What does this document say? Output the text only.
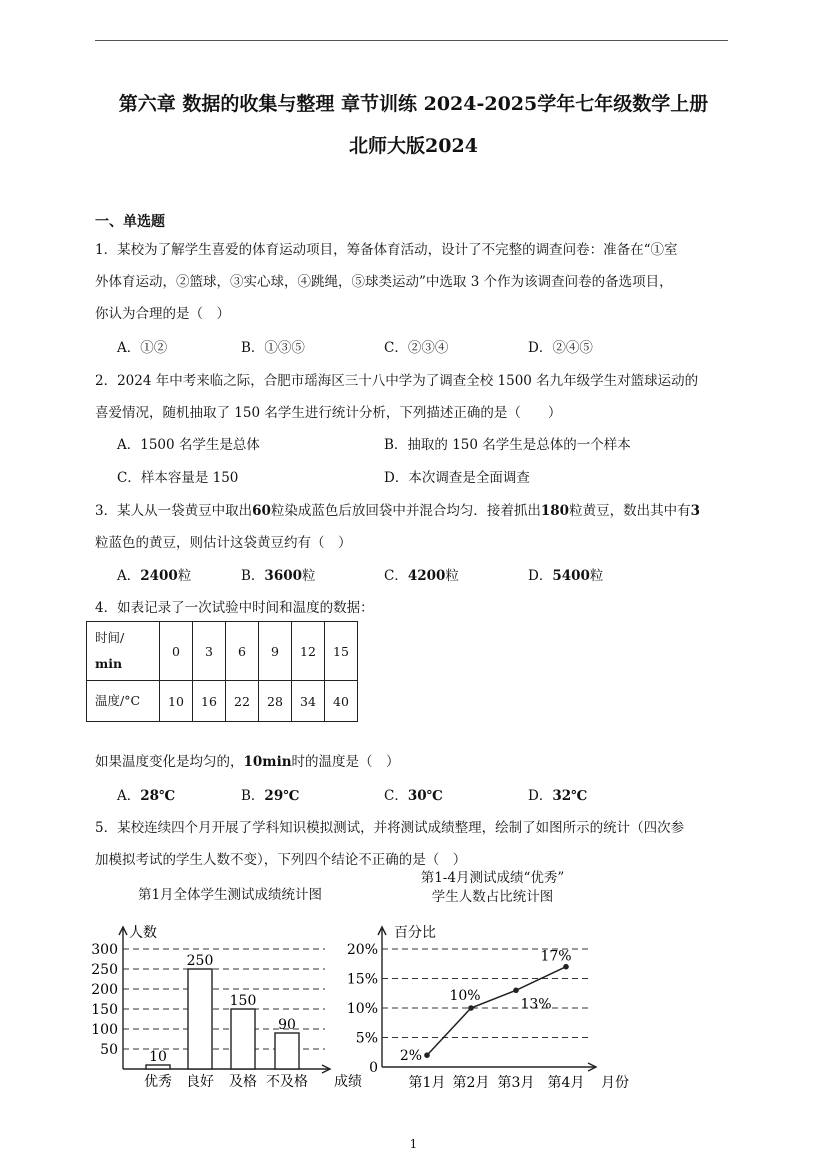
第六章 数据的收集与整理 章节训练 2024-2025学年七年级数学上册
北师大版2024
一、单选题
1．某校为了解学生喜爱的体育运动项目，筹备体育活动，设计了不完整的调查问卷：准备在“①室
外体育运动，②篮球，③实心球，④跳绳，⑤球类运动”中选取 3 个作为该调查问卷的备选项目，
你认为合理的是（　）
A．①②	B．①③⑤	C．②③④	D．②④⑤
2．2024 年中考来临之际，合肥市瑶海区三十八中学为了调查全校 1500 名九年级学生对篮球运动的
喜爱情况，随机抽取了 150 名学生进行统计分析，下列描述正确的是（　　）
A．1500 名学生是总体	B．抽取的 150 名学生是总体的一个样本
C．样本容量是 150	D．本次调查是全面调查
3．某人从一袋黄豆中取出60粒染成蓝色后放回袋中并混合均匀．接着抓出180粒黄豆，数出其中有3
粒蓝色的黄豆，则估计这袋黄豆约有（　）
A．2400粒	B．3600粒	C．4200粒	D．5400粒
4．如表记录了一次试验中时间和温度的数据：
时间/
min	0	3	6	9	12	15
温度/°C	10	16	22	28	34	40
如果温度变化是均匀的，10min时的温度是（　）
A．28℃	B．29℃	C．30℃	D．32℃
5．某校连续四个月开展了学科知识模拟测试，并将测试成绩整理，绘制了如图所示的统计（四次参
加模拟考试的学生人数不变），下列四个结论不正确的是（　）
第1月全体学生测试成绩统计图
第1-4月测试成绩“优秀”
学生人数占比统计图
50
100
150
200
250
300
人数
成绩
10
优秀
250
良好
150
及格
90
不及格
0
5%
10%
15%
20%
百分比
月份
2%
第1月
10%
第2月
13%
第3月
17%
第4月
1
